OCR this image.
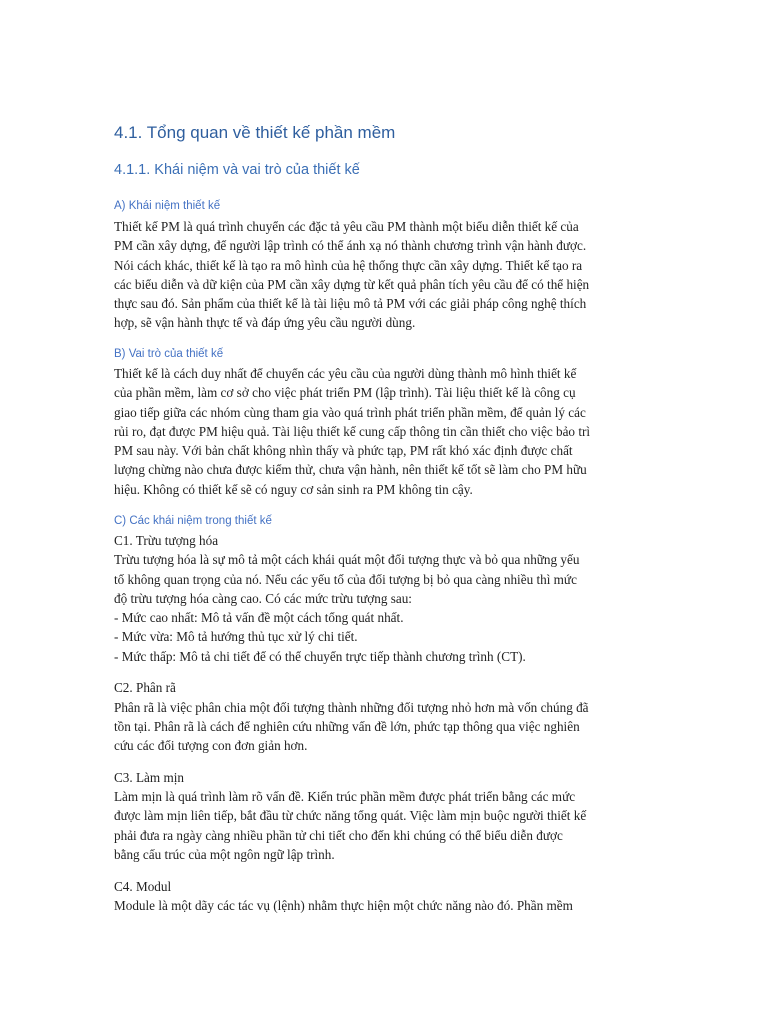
4.1. Tổng quan về thiết kế phần mềm
4.1.1. Khái niệm và vai trò của thiết kế
A) Khái niệm thiết kế
Thiết kế PM là quá trình chuyển các đặc tả yêu cầu PM thành một biểu diễn thiết kế của
PM cần xây dựng, để người lập trình có thể ánh xạ nó thành chương trình vận hành được.
Nói cách khác, thiết kế là tạo ra mô hình của hệ thống thực cần xây dựng. Thiết kế tạo ra
các biểu diễn và dữ kiện của PM cần xây dựng từ kết quả phân tích yêu cầu để có thể hiện
thực sau đó. Sản phẩm của thiết kế là tài liệu mô tả PM với các giải pháp công nghệ thích
hợp, sẽ vận hành thực tế và đáp ứng yêu cầu người dùng.
B) Vai trò của thiết kế
Thiết kế là cách duy nhất để chuyển các yêu cầu của người dùng thành mô hình thiết kế
của phần mềm, làm cơ sở cho việc phát triển PM (lập trình). Tài liệu thiết kế là công cụ
giao tiếp giữa các nhóm cùng tham gia vào quá trình phát triển phần mềm, để quản lý các
rủi ro, đạt được PM hiệu quả. Tài liệu thiết kế cung cấp thông tin cần thiết cho việc bảo trì
PM sau này. Với bản chất không nhìn thấy và phức tạp, PM rất khó xác định được chất
lượng chừng nào chưa được kiểm thử, chưa vận hành, nên thiết kế tốt sẽ làm cho PM hữu
hiệu. Không có thiết kế sẽ có nguy cơ sản sinh ra PM không tin cậy.
C) Các khái niệm trong thiết kế
C1. Trừu tượng hóa
Trừu tượng hóa là sự mô tả một cách khái quát một đối tượng thực và bỏ qua những yếu
tố không quan trọng của nó. Nếu các yếu tố của đối tượng bị bỏ qua càng nhiều thì mức
độ trừu tượng hóa càng cao. Có các mức trừu tượng sau:
- Mức cao nhất: Mô tả vấn đề một cách tổng quát nhất.
- Mức vừa: Mô tả hướng thủ tục xử lý chi tiết.
- Mức thấp: Mô tả chi tiết để có thể chuyển trực tiếp thành chương trình (CT).
C2. Phân rã
Phân rã là việc phân chia một đối tượng thành những đối tượng nhỏ hơn mà vốn chúng đã
tồn tại. Phân rã là cách để nghiên cứu những vấn đề lớn, phức tạp thông qua việc nghiên
cứu các đối tượng con đơn giản hơn.
C3. Làm mịn
Làm mịn là quá trình làm rõ vấn đề. Kiến trúc phần mềm được phát triển bằng các mức
được làm mịn liên tiếp, bắt đầu từ chức năng tổng quát. Việc làm mịn buộc người thiết kế
phải đưa ra ngày càng nhiều phần tử chi tiết cho đến khi chúng có thể biểu diễn được
bằng cấu trúc của một ngôn ngữ lập trình.
C4. Modul
Module là một dãy các tác vụ (lệnh) nhằm thực hiện một chức năng nào đó. Phần mềm
